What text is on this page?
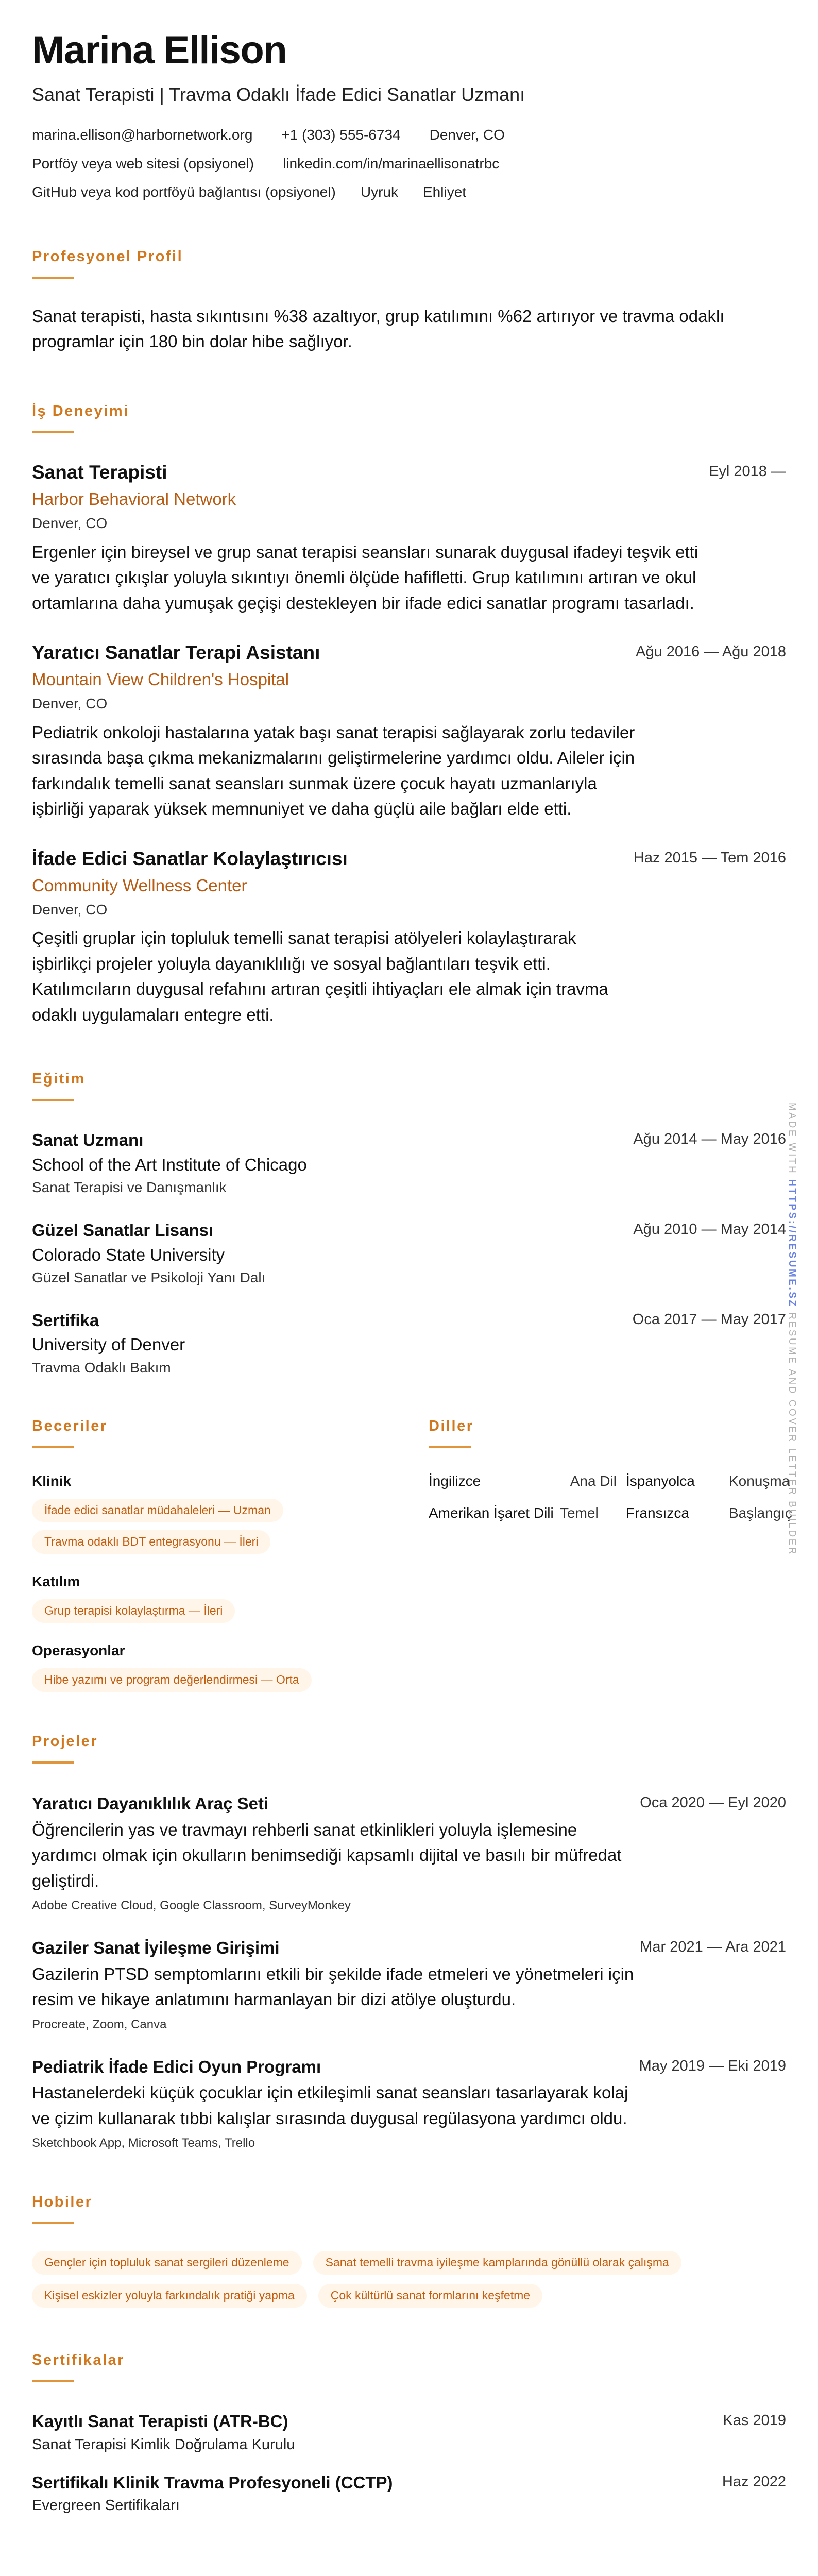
Marina Ellison
Sanat Terapisti | Travma Odaklı İfade Edici Sanatlar Uzmanı
marina.ellison@harbornetwork.org +1 (303) 555-6734 Denver, CO
Portföy veya web sitesi (opsiyonel) linkedin.com/in/marinaellisonatrbc
GitHub veya kod portföyü bağlantısı (opsiyonel) Uyruk Ehliyet
Profesyonel Profil
Sanat terapisti, hasta sıkıntısını %38 azaltıyor, grup katılımını %62 artırıyor ve travma odaklı programlar için 180 bin dolar hibe sağlıyor.
İş Deneyimi
Sanat Terapisti	Eyl 2018 —
Harbor Behavioral Network
Denver, CO
Ergenler için bireysel ve grup sanat terapisi seansları sunarak duygusal ifadeyi teşvik etti ve yaratıcı çıkışlar yoluyla sıkıntıyı önemli ölçüde hafifletti. Grup katılımını artıran ve okul ortamlarına daha yumuşak geçişi destekleyen bir ifade edici sanatlar programı tasarladı.
Yaratıcı Sanatlar Terapi Asistanı	Ağu 2016 — Ağu 2018
Mountain View Children's Hospital
Denver, CO
Pediatrik onkoloji hastalarına yatak başı sanat terapisi sağlayarak zorlu tedaviler sırasında başa çıkma mekanizmalarını geliştirmelerine yardımcı oldu. Aileler için farkındalık temelli sanat seansları sunmak üzere çocuk hayatı uzmanlarıyla işbirliği yaparak yüksek memnuniyet ve daha güçlü aile bağları elde etti.
İfade Edici Sanatlar Kolaylaştırıcısı	Haz 2015 — Tem 2016
Community Wellness Center
Denver, CO
Çeşitli gruplar için topluluk temelli sanat terapisi atölyeleri kolaylaştırarak işbirlikçi projeler yoluyla dayanıklılığı ve sosyal bağlantıları teşvik etti. Katılımcıların duygusal refahını artıran çeşitli ihtiyaçları ele almak için travma odaklı uygulamaları entegre etti.
Eğitim
Sanat Uzmanı	Ağu 2014 — May 2016
School of the Art Institute of Chicago
Sanat Terapisi ve Danışmanlık
Güzel Sanatlar Lisansı	Ağu 2010 — May 2014
Colorado State University
Güzel Sanatlar ve Psikoloji Yanı Dalı
Sertifika	Oca 2017 — May 2017
University of Denver
Travma Odaklı Bakım
Beceriler
Klinik
İfade edici sanatlar müdahaleleri — Uzman
Travma odaklı BDT entegrasyonu — İleri
Katılım
Grup terapisi kolaylaştırma — İleri
Operasyonlar
Hibe yazımı ve program değerlendirmesi — Orta
Diller
İngilizce	Ana Dil İspanyolca	Konuşma
Amerikan İşaret Dili Temel	Fransızca	Başlangıç
Projeler
Yaratıcı Dayanıklılık Araç Seti	Oca 2020 — Eyl 2020
Öğrencilerin yas ve travmayı rehberli sanat etkinlikleri yoluyla işlemesine yardımcı olmak için okulların benimsediği kapsamlı dijital ve basılı bir müfredat geliştirdi.
Adobe Creative Cloud, Google Classroom, SurveyMonkey
Gaziler Sanat İyileşme Girişimi	Mar 2021 — Ara 2021
Gazilerin PTSD semptomlarını etkili bir şekilde ifade etmeleri ve yönetmeleri için resim ve hikaye anlatımını harmanlayan bir dizi atölye oluşturdu.
Procreate, Zoom, Canva
Pediatrik İfade Edici Oyun Programı	May 2019 — Eki 2019
Hastanelerdeki küçük çocuklar için etkileşimli sanat seansları tasarlayarak kolaj ve çizim kullanarak tıbbi kalışlar sırasında duygusal regülasyona yardımcı oldu.
Sketchbook App, Microsoft Teams, Trello
Hobiler
Gençler için topluluk sanat sergileri düzenleme	Sanat temelli travma iyileşme kamplarında gönüllü olarak çalışma
Kişisel eskizler yoluyla farkındalık pratiği yapma	Çok kültürlü sanat formlarını keşfetme
Sertifikalar
Kayıtlı Sanat Terapisti (ATR-BC)	Kas 2019
Sanat Terapisi Kimlik Doğrulama Kurulu
Sertifikalı Klinik Travma Profesyoneli (CCTP)	Haz 2022
Evergreen Sertifikaları
MADE WITH HTTPS://RESUME.SZ RESUME AND COVER LETTER BUILDER
